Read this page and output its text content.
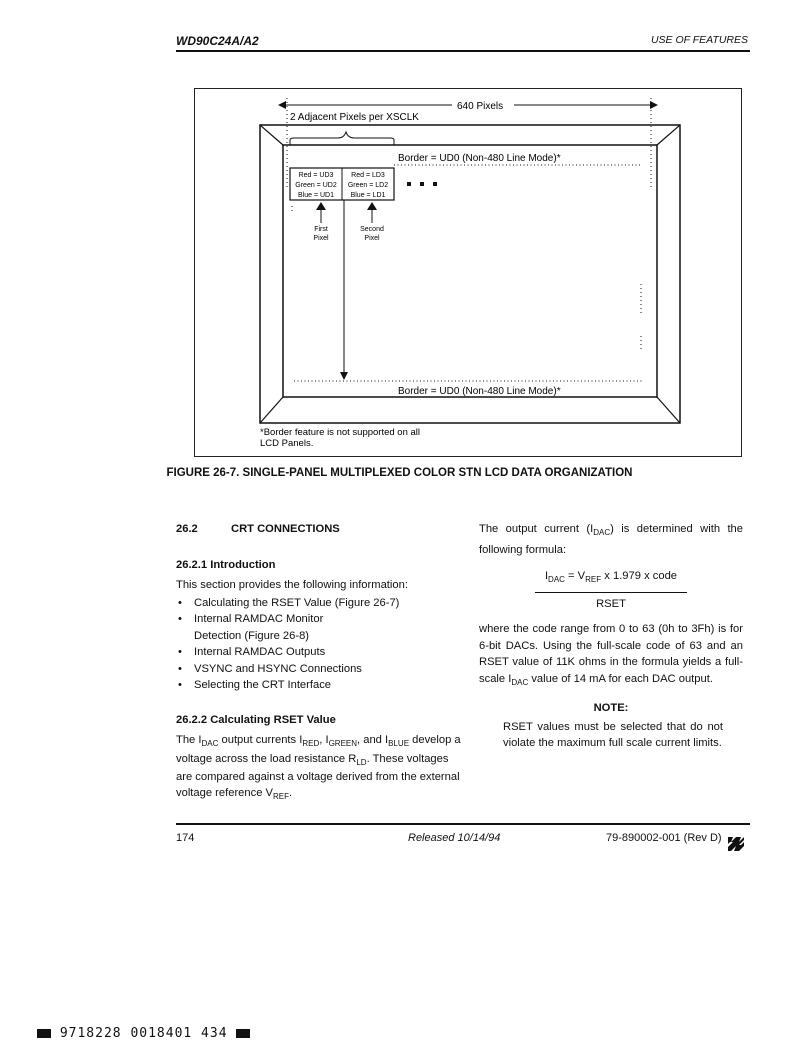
WD90C24A/A2	USE OF FEATURES
640 Pixels
2 Adjacent Pixels per XSCLK
Border = UD0 (Non-480 Line Mode)*
Border = UD0 (Non-480 Line Mode)*
Red = UD3
Green = UD2
Blue = UD1
Red = LD3
Green = LD2
Blue = LD1
First
Pixel
Second
Pixel
*Border feature is not supported on all
LCD Panels.
FIGURE 26-7. SINGLE-PANEL MULTIPLEXED COLOR STN LCD DATA ORGANIZATION
26.2	CRT CONNECTIONS
26.2.1 Introduction
This section provides the following information:
• Calculating the RSET Value (Figure 26-7)
• Internal RAMDAC Monitor Detection (Figure 26-8)
• Internal RAMDAC Outputs
• VSYNC and HSYNC Connections
• Selecting the CRT Interface
26.2.2 Calculating RSET Value
The $I_{DAC}$ output currents $I_{RED}$, $I_{GREEN}$, and $I_{BLUE}$ develop a voltage across the load resistance $R_{LD}$. These voltages are compared against a voltage derived from the external voltage reference $V_{REF}$.
The output current $(I_{DAC})$ is determined with the following formula:
$I_{DAC} = V_{REF}$ x 1.979 x code
RSET
where the code range from 0 to 63 (0h to 3Fh) is for 6-bit DACs. Using the full-scale code of 63 and an RSET value of 11K ohms in the formula yields a full-scale $I_{DAC}$ value of 14 mA for each DAC output.
NOTE:
RSET values must be selected that do not violate the maximum full scale current limits.
174	Released 10/14/94	79-890002-001 (Rev D)
9718228 0018401 434
